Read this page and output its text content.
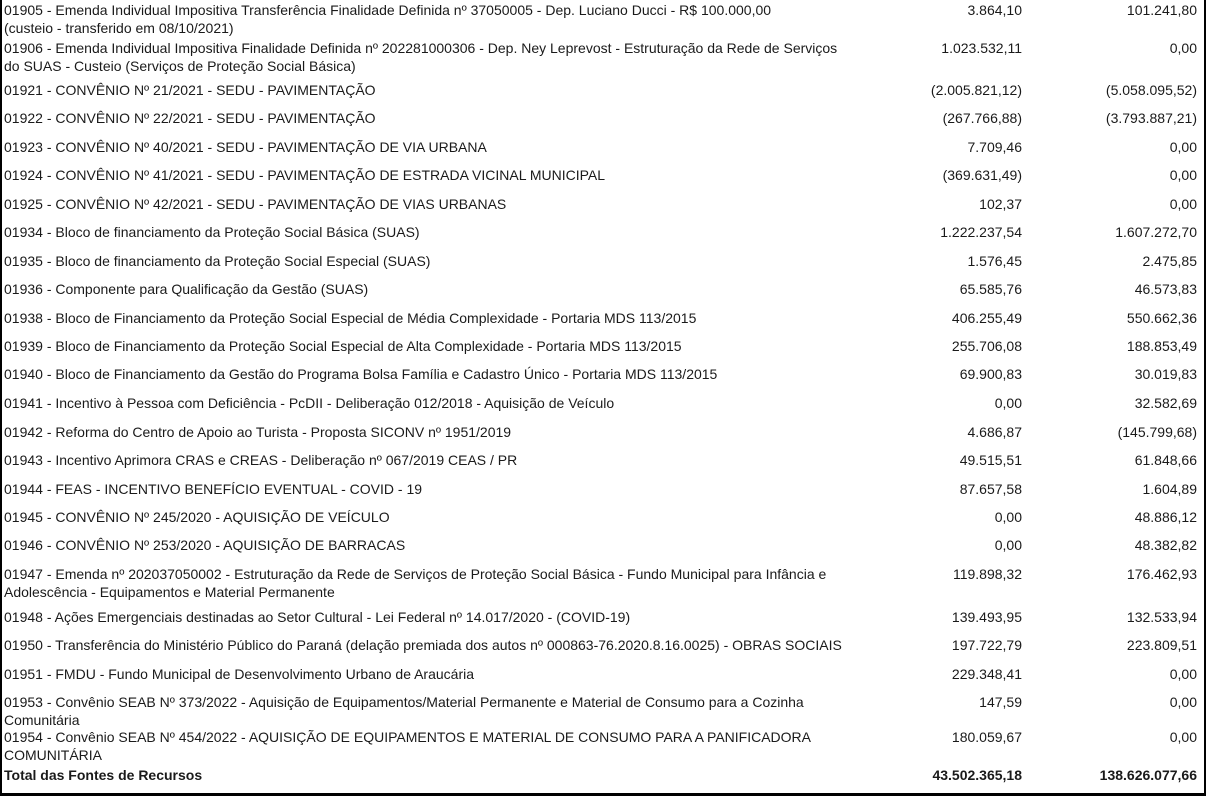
01905 - Emenda Individual Impositiva Transferência Finalidade Definida nº 37050005 - Dep. Luciano Ducci - R$ 100.000,00
(custeio - transferido em 08/10/2021)
3.864,10	101.241,80
01906 - Emenda Individual Impositiva Finalidade Definida nº 202281000306 - Dep. Ney Leprevost - Estruturação da Rede de Serviços
do SUAS - Custeio (Serviços de Proteção Social Básica)
1.023.532,11	0,00
01921 - CONVÊNIO Nº 21/2021 - SEDU - PAVIMENTAÇÃO	(2.005.821,12)	(5.058.095,52)
01922 - CONVÊNIO Nº 22/2021 - SEDU - PAVIMENTAÇÃO	(267.766,88)	(3.793.887,21)
01923 - CONVÊNIO Nº 40/2021 - SEDU - PAVIMENTAÇÃO DE VIA URBANA	7.709,46	0,00
01924 - CONVÊNIO Nº 41/2021 - SEDU - PAVIMENTAÇÃO DE ESTRADA VICINAL MUNICIPAL	(369.631,49)	0,00
01925 - CONVÊNIO Nº 42/2021 - SEDU - PAVIMENTAÇÃO DE VIAS URBANAS	102,37	0,00
01934 - Bloco de financiamento da Proteção Social Básica (SUAS)	1.222.237,54	1.607.272,70
01935 - Bloco de financiamento da Proteção Social Especial (SUAS)	1.576,45	2.475,85
01936 - Componente para Qualificação da Gestão (SUAS)	65.585,76	46.573,83
01938 - Bloco de Financiamento da Proteção Social Especial de Média Complexidade - Portaria MDS 113/2015	406.255,49	550.662,36
01939 - Bloco de Financiamento da Proteção Social Especial de Alta Complexidade - Portaria MDS 113/2015	255.706,08	188.853,49
01940 - Bloco de Financiamento da Gestão do Programa Bolsa Família e Cadastro Único - Portaria MDS 113/2015	69.900,83	30.019,83
01941 - Incentivo à Pessoa com Deficiência - PcDII - Deliberação 012/2018 - Aquisição de Veículo	0,00	32.582,69
01942 - Reforma do Centro de Apoio ao Turista - Proposta SICONV nº 1951/2019	4.686,87	(145.799,68)
01943 - Incentivo Aprimora CRAS e CREAS - Deliberação nº 067/2019 CEAS / PR	49.515,51	61.848,66
01944 - FEAS - INCENTIVO BENEFÍCIO EVENTUAL - COVID - 19	87.657,58	1.604,89
01945 - CONVÊNIO Nº 245/2020 - AQUISIÇÃO DE VEÍCULO	0,00	48.886,12
01946 - CONVÊNIO Nº 253/2020 - AQUISIÇÃO DE BARRACAS	0,00	48.382,82
01947 - Emenda nº 202037050002 - Estruturação da Rede de Serviços de Proteção Social Básica - Fundo Municipal para Infância e
Adolescência - Equipamentos e Material Permanente
119.898,32	176.462,93
01948 - Ações Emergenciais destinadas ao Setor Cultural - Lei Federal nº 14.017/2020 - (COVID-19)	139.493,95	132.533,94
01950 - Transferência do Ministério Público do Paraná (delação premiada dos autos nº 000863-76.2020.8.16.0025) - OBRAS SOCIAIS	197.722,79	223.809,51
01951 - FMDU - Fundo Municipal de Desenvolvimento Urbano de Araucária	229.348,41	0,00
01953 - Convênio SEAB Nº 373/2022 - Aquisição de Equipamentos/Material Permanente e Material de Consumo para a Cozinha
Comunitária
147,59	0,00
01954 - Convênio SEAB Nº 454/2022 - AQUISIÇÃO DE EQUIPAMENTOS E MATERIAL DE CONSUMO PARA A PANIFICADORA
COMUNITÁRIA
180.059,67	0,00
Total das Fontes de Recursos	43.502.365,18	138.626.077,66
